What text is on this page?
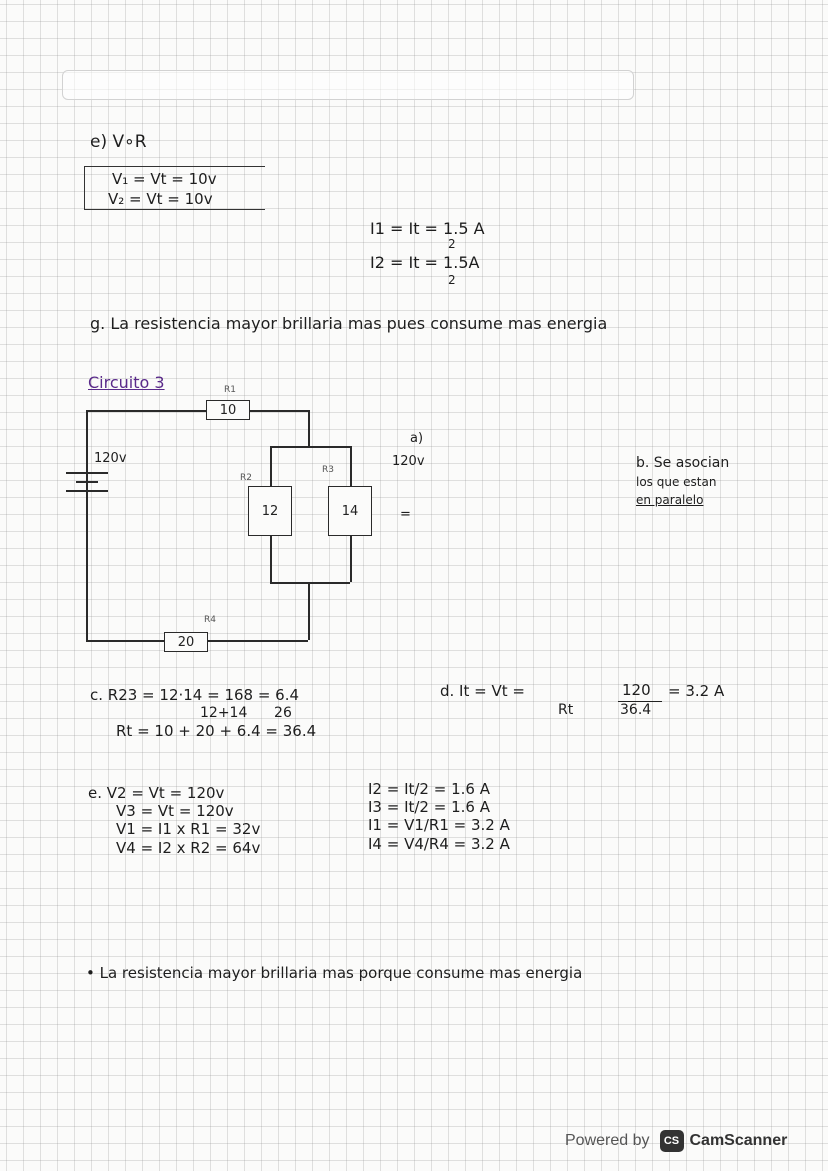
e) V∘R
V₁ = Vt = 10v
V₂ = Vt = 10v
I1 = It = 1.5 A
2
I2 = It = 1.5A
2
g. La resistencia mayor brillaria mas pues consume mas energia
Circuito 3	R1
10
120v
R2
R3
12	14
R4
20
a)
120v
=
b. Se asocian
los que estan
en paralelo
c. R23 = 12·14 = 168 = 6.4
12+14      26
Rt = 10 + 20 + 6.4 = 36.4
d. It = Vt =	120
36.4
Rt
= 3.2 A
e. V2 = Vt = 120v
V3 = Vt = 120v
V1 = I1 x R1 = 32v
V4 = I2 x R2 = 64v
I2 = It/2 = 1.6 A
I3 = It/2 = 1.6 A
I1 = V1/R1 = 3.2 A
I4 = V4/R4 = 3.2 A
• La resistencia mayor brillaria mas porque consume mas energia
Powered by	CS CamScanner
